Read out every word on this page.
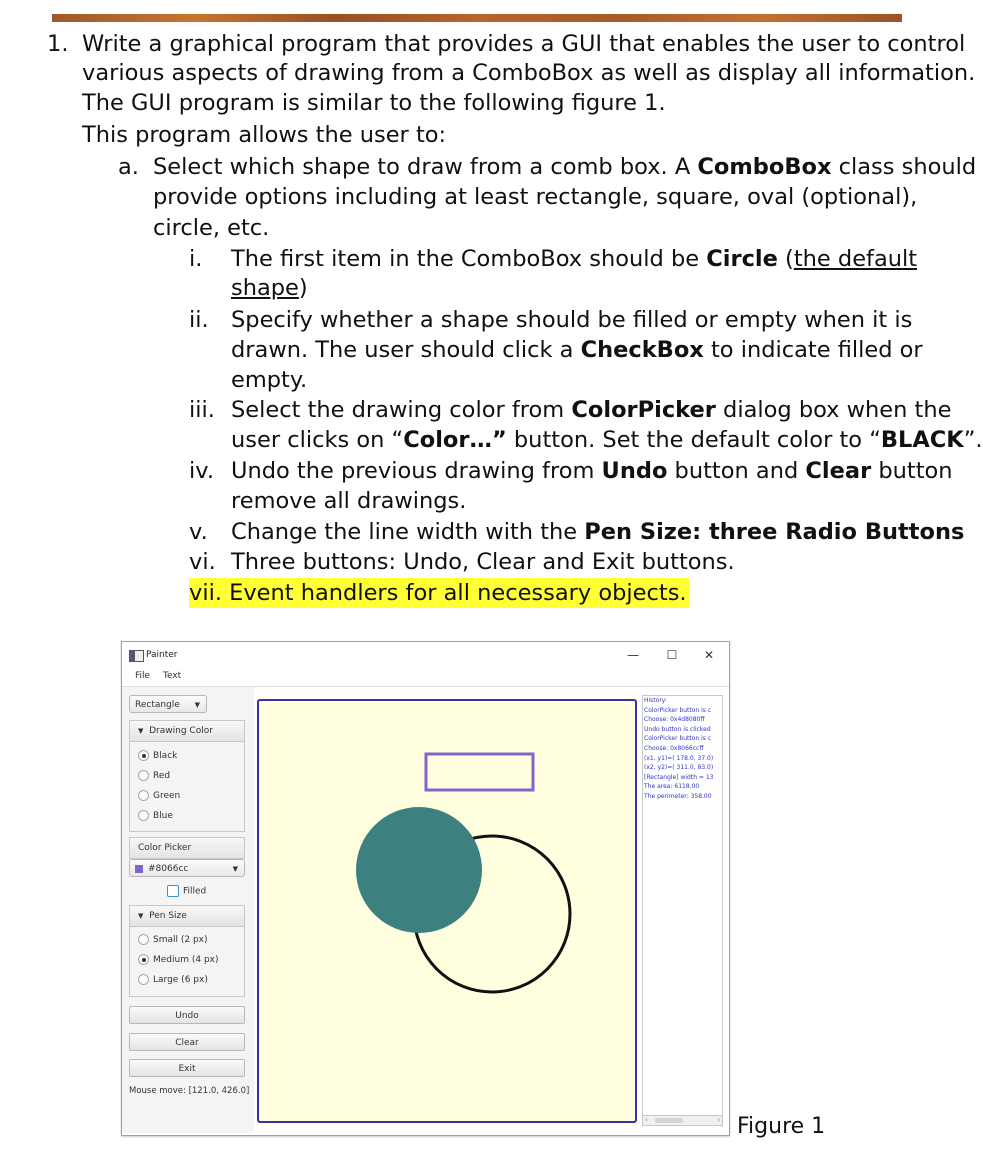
1. Write a graphical program that provides a GUI that enables the user to control
various aspects of drawing from a ComboBox as well as display all information.
The GUI program is similar to the following figure 1.
This program allows the user to:
a. Select which shape to draw from a comb box. A ComboBox class should
provide options including at least rectangle, square, oval (optional),
circle, etc.
i. The first item in the ComboBox should be Circle (the default
shape)
ii. Specify whether a shape should be filled or empty when it is
drawn. The user should click a CheckBox to indicate filled or
empty.
iii. Select the drawing color from ColorPicker dialog box when the
user clicks on “Color…” button. Set the default color to “BLACK”.
iv. Undo the previous drawing from Undo button and Clear button
remove all drawings.
v. Change the line width with the Pen Size: three Radio Buttons
vi. Three buttons: Undo, Clear and Exit buttons.
vii. Event handlers for all necessary objects.
Painter	—	☐	✕
File Text
Rectangle ▼
▼ Drawing Color
Black
Red
Green
Blue
Color Picker
#8066cc	▼
Filled
▼ Pen Size
Small (2 px)
Medium (4 px)
Large (6 px)
Undo
Clear
Exit
Mouse move: [121.0, 426.0]
History:
ColorPicker button is c
Choose: 0x4d8080ff
Undo button is clicked
ColorPicker button is c
Choose: 0x8066ccff
(x1, y1)=( 178.0, 37.0)
(x2, y2)=( 311.0, 83.0)
[Rectangle] width = 13
The area: 6118.00
The perimeter: 358.00
‹	› Figure 1
